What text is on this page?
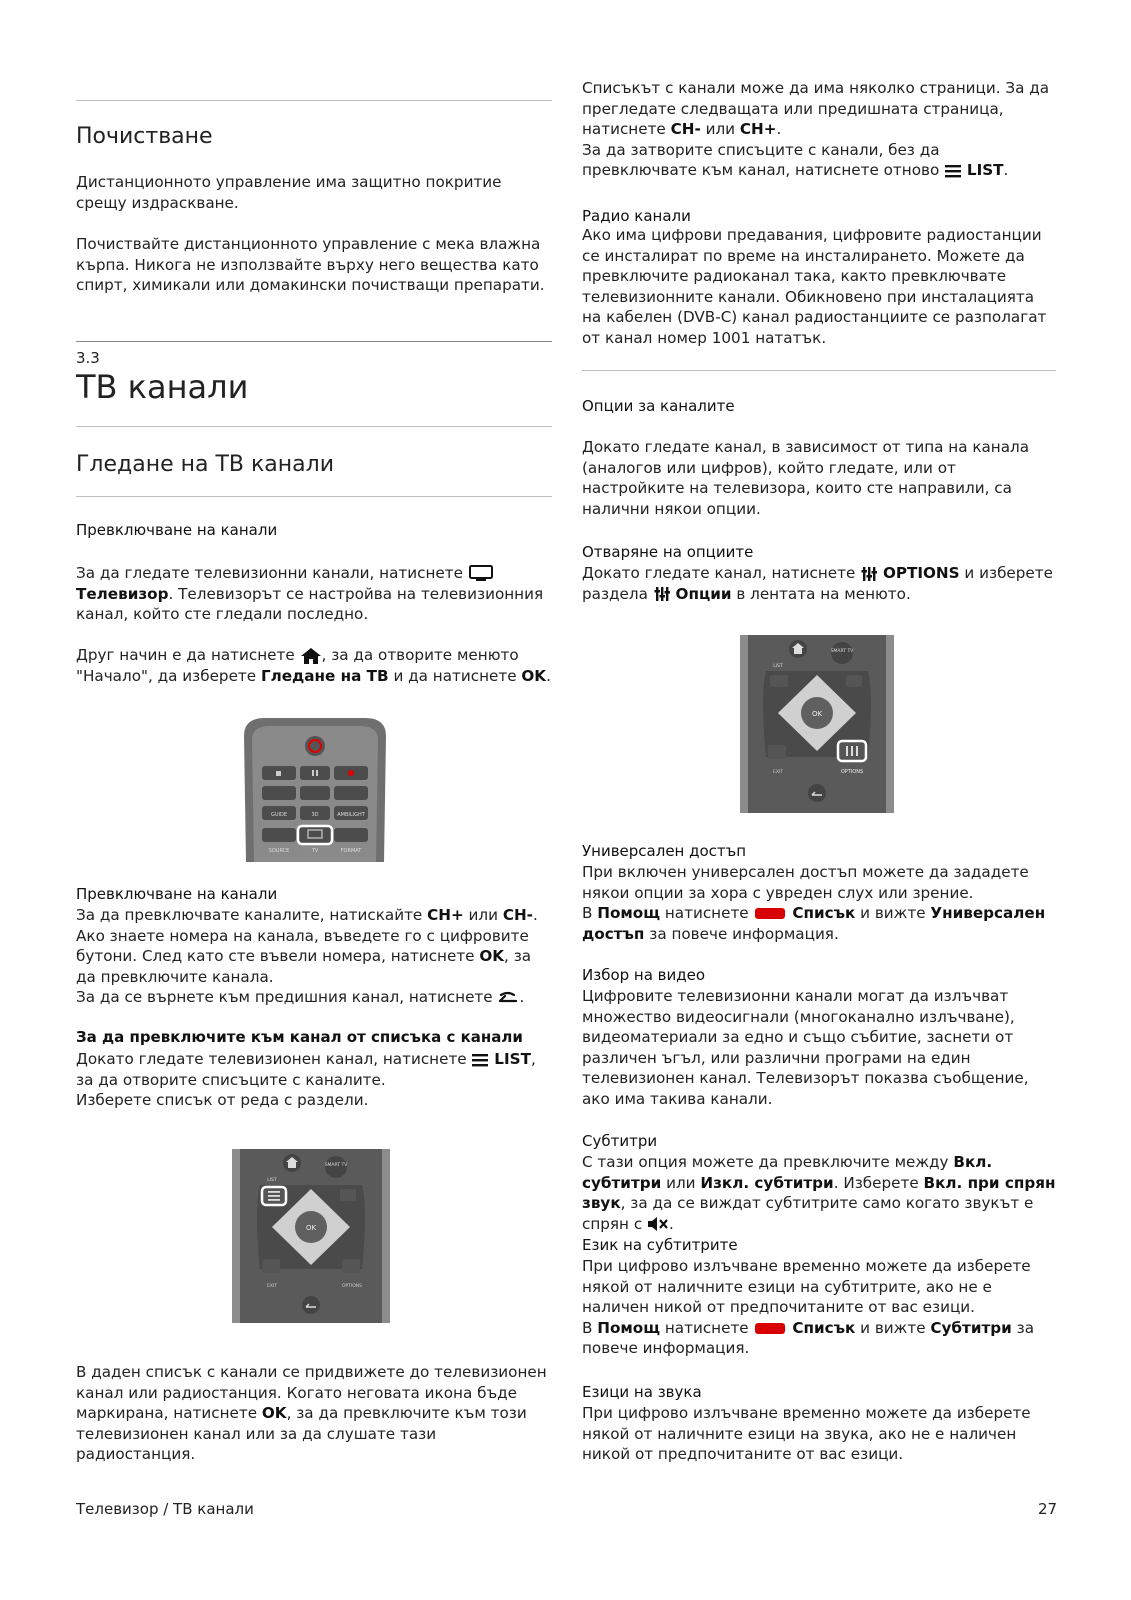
Почистване

Дистанционното управление има защитно покритие срещу издраскване.

Почиствайте дистанционното управление с мека влажна кърпа. Никога не използвайте върху него вещества като спирт, химикали или домакински почистващи препарати.

3.3
ТВ канали
Гледане на ТВ канали
Превключване на канали

За да гледате телевизионни канали, натиснете
Телевизор. Телевизорът се настройва на телевизионния канал, който сте гледали последно.

Друг начин е да натиснете , за да отворите менюто "Начало", да изберете Гледане на ТВ и да натиснете OK.

GUIDE	3D	AMBILIGHT
SOURCE	TV	FORMAT
Превключване на канали

За да превключвате каналите, натискайте CH+ или CH-. Ако знаете номера на канала, въведете го с цифровите бутони. След като сте въвели номера, натиснете OK, за да превключите канала.
За да се върнете към предишния канал, натиснете .

За да превключите към канал от списъка с канали

Докато гледате телевизионен канал, натиснете LIST, за да отворите списъците с каналите.
Изберете списък от реда с раздели.

SMART TV
LIST
OK
EXIT	OPTIONS

В даден списък с канали се придвижете до телевизионен канал или радиостанция. Когато неговата икона бъде маркирана, натиснете OK, за да превключите към този телевизионен канал или за да слушате тази радиостанция.

Списъкът с канали може да има няколко страници. За да прегледате следващата или предишната страница, натиснете CH- или CH+.
За да затворите списъците с канали, без да превключвате към канал, натиснете отново LIST.

Радио канали

Ако има цифрови предавания, цифровите радиостанции се инсталират по време на инсталирането. Можете да превключите радиоканал така, както превключвате телевизионните канали. Обикновено при инсталацията на кабелен (DVB-C) канал радиостанциите се разполагат от канал номер 1001 нататък.

Опции за каналите

Докато гледате канал, в зависимост от типа на канала (аналогов или цифров), който гледате, или от настройките на телевизора, които сте направили, са налични някои опции.

Отваряне на опциите

Докато гледате канал, натиснете OPTIONS и изберете раздела Опции в лентата на менюто.

SMART TV
LIST
OK
EXIT	OPTIONS
Универсален достъп

При включен универсален достъп можете да зададете някои опции за хора с увреден слух или зрение.
В Помощ натиснете	Списък и вижте Универсален достъп за повече информация.

Избор на видео

Цифровите телевизионни канали могат да излъчват множество видеосигнали (многоканално излъчване), видеоматериали за едно и също събитие, заснети от различен ъгъл, или различни програми на един телевизионен канал. Телевизорът показва съобщение, ако има такива канали.

Субтитри

С тази опция можете да превключите между Вкл. субтитри или Изкл. субтитри. Изберете Вкл. при спрян звук, за да се виждат субтитрите само когато звукът е спрян с .

Език на субтитрите

При цифрово излъчване временно можете да изберете някой от наличните езици на субтитрите, ако не е наличен никой от предпочитаните от вас езици.
В Помощ натиснете	Списък и вижте Субтитри за повече информация.

Езици на звука

При цифрово излъчване временно можете да изберете някой от наличните езици на звука, ако не е наличен никой от предпочитаните от вас езици.

Телевизор / ТВ канали	27
